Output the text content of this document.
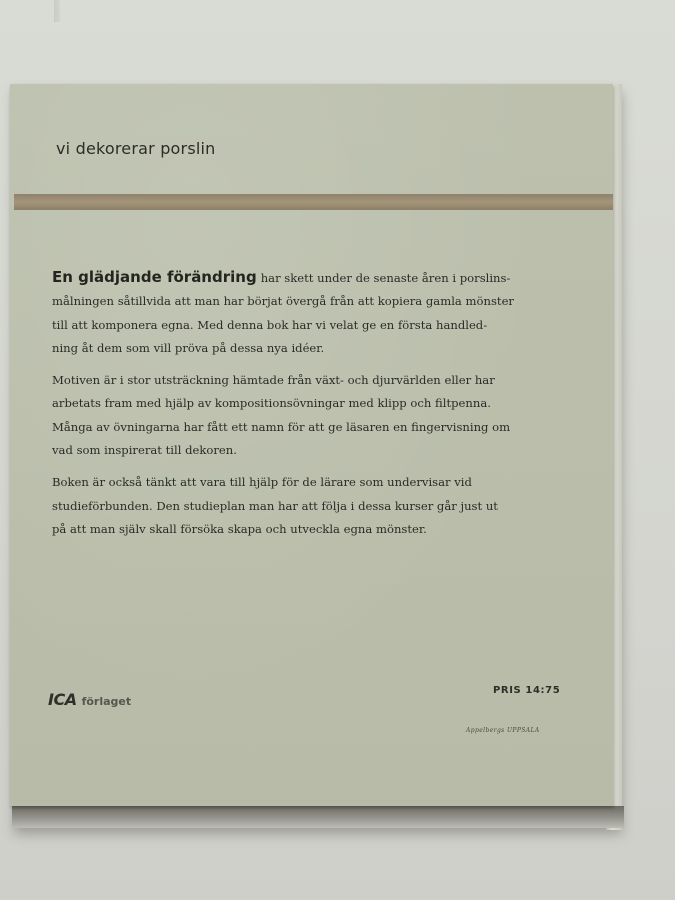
vi dekorerar porslin
En glädjande förändring har skett under de senaste åren i porslins-
målningen såtillvida att man har börjat övergå från att kopiera gamla mönster
till att komponera egna. Med denna bok har vi velat ge en första handled-
ning åt dem som vill pröva på dessa nya idéer.
Motiven är i stor utsträckning hämtade från växt- och djurvärlden eller har
arbetats fram med hjälp av kompositionsövningar med klipp och filtpenna.
Många av övningarna har fått ett namn för att ge läsaren en fingervisning om
vad som inspirerat till dekoren.
Boken är också tänkt att vara till hjälp för de lärare som undervisar vid
studieförbunden. Den studieplan man har att följa i dessa kurser går just ut
på att man själv skall försöka skapa och utveckla egna mönster.
ICA förlaget
PRIS 14:75
Appelbergs UPPSALA
